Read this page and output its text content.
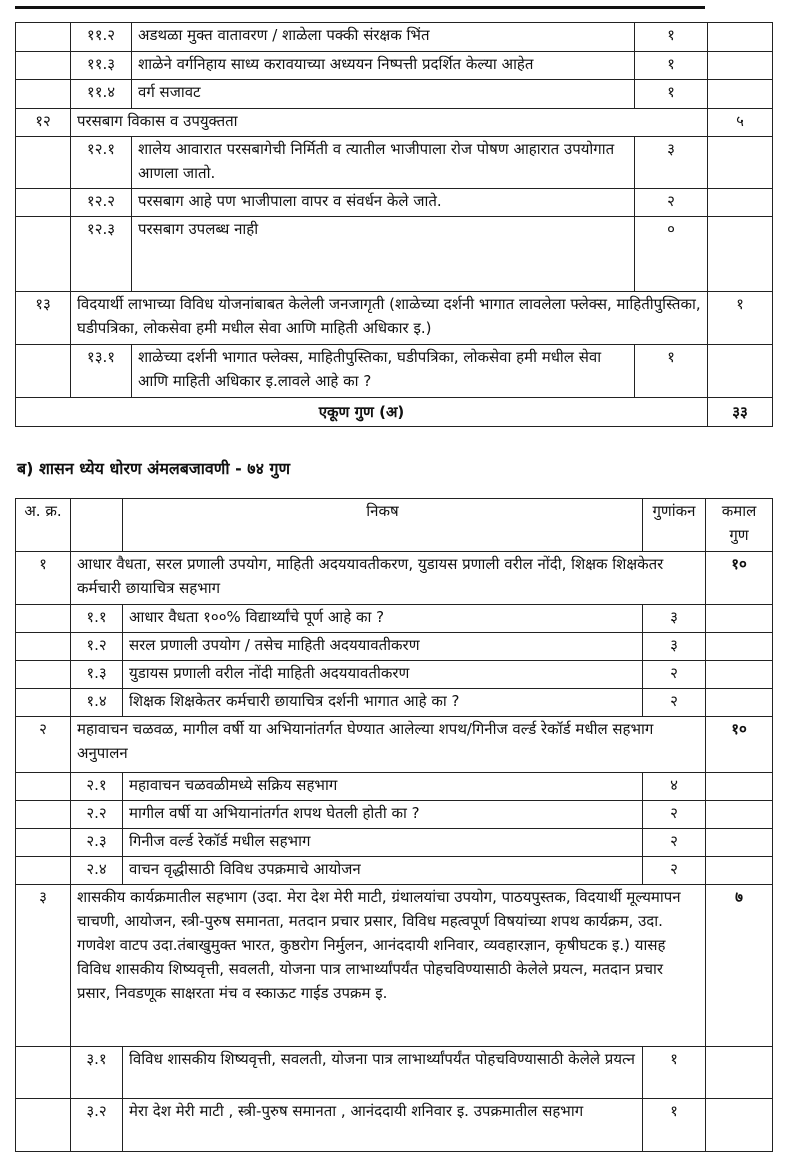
	११.२	अडथळा मुक्त वातावरण / शाळेला पक्की संरक्षक भिंत	१	
	११.३	शाळेने वर्गनिहाय साध्य करावयाच्या अध्ययन निष्पत्ती प्रदर्शित केल्या आहेत	१	
	११.४	वर्ग सजावट	१	
१२	परसबाग विकास व उपयुक्तता			५
	१२.१	शालेय आवारात परसबागेची निर्मिती व त्यातील भाजीपाला रोज पोषण आहारात उपयोगात आणला जातो.	३	
	१२.२	परसबाग आहे पण भाजीपाला वापर व संवर्धन केले जाते.	२	
	१२.३	परसबाग उपलब्ध नाही	०	
१३	विदयार्थी लाभाच्या विविध योजनांबाबत केलेली जनजागृती (शाळेच्या दर्शनी भागात लावलेला फ्लेक्स, माहितीपुस्तिका, घडीपत्रिका, लोकसेवा हमी मधील सेवा आणि माहिती अधिकार इ.)			१
	१३.१	शाळेच्या दर्शनी भागात फ्लेक्स, माहितीपुस्तिका, घडीपत्रिका, लोकसेवा हमी मधील सेवा आणि माहिती अधिकार इ.लावले आहे का ?	१	
एकूण गुण (अ)				३३
ब) शासन ध्येय धोरण अंमलबजावणी - ७४ गुण
अ. क्र.		निकष	गुणांकन	कमाल गुण
१	आधार वैधता, सरल प्रणाली उपयोग, माहिती अदययावतीकरण, युडायस प्रणाली वरील नोंदी, शिक्षक शिक्षकेतर कर्मचारी छायाचित्र सहभाग			१०
	१.१	आधार वैधता १००% विद्यार्थ्यांचे पूर्ण आहे का ?	३	
	१.२	सरल प्रणाली उपयोग / तसेच माहिती अदययावतीकरण	३	
	१.३	युडायस प्रणाली वरील नोंदी माहिती अदययावतीकरण	२	
	१.४	शिक्षक शिक्षकेतर कर्मचारी छायाचित्र दर्शनी भागात आहे का ?	२	
२	महावाचन चळवळ, मागील वर्षी या अभियानांतर्गत घेण्यात आलेल्या शपथ/गिनीज वर्ल्ड रेकॉर्ड मधील सहभाग अनुपालन			१०
	२.१	महावाचन चळवळीमध्ये सक्रिय सहभाग	४	
	२.२	मागील वर्षी या अभियानांतर्गत शपथ घेतली होती का ?	२	
	२.३	गिनीज वर्ल्ड रेकॉर्ड मधील सहभाग	२	
	२.४	वाचन वृद्धीसाठी विविध उपक्रमाचे आयोजन	२	
३	शासकीय कार्यक्रमातील सहभाग (उदा. मेरा देश मेरी माटी, ग्रंथालयांचा उपयोग, पाठयपुस्तक, विदयार्थी मूल्यमापन चाचणी, आयोजन, स्त्री-पुरुष समानता, मतदान प्रचार प्रसार, विविध महत्वपूर्ण विषयांच्या शपथ कार्यक्रम, उदा. गणवेश वाटप उदा.तंबाखुमुक्त भारत, कुष्ठरोग निर्मुलन, आनंददायी शनिवार, व्यवहारज्ञान, कृषीघटक इ.) यासह विविध शासकीय शिष्यवृत्ती, सवलती, योजना पात्र लाभार्थ्यांपर्यंत पोहचविण्यासाठी केलेले प्रयत्न, मतदान प्रचार प्रसार, निवडणूक साक्षरता मंच व स्काऊट गाईड उपक्रम इ.			७
	३.१	विविध शासकीय शिष्यवृत्ती, सवलती, योजना पात्र लाभार्थ्यांपर्यंत पोहचविण्यासाठी केलेले प्रयत्न	१	
	३.२	मेरा देश मेरी माटी , स्त्री-पुरुष समानता , आनंददायी शनिवार इ. उपक्रमातील सहभाग	१	
